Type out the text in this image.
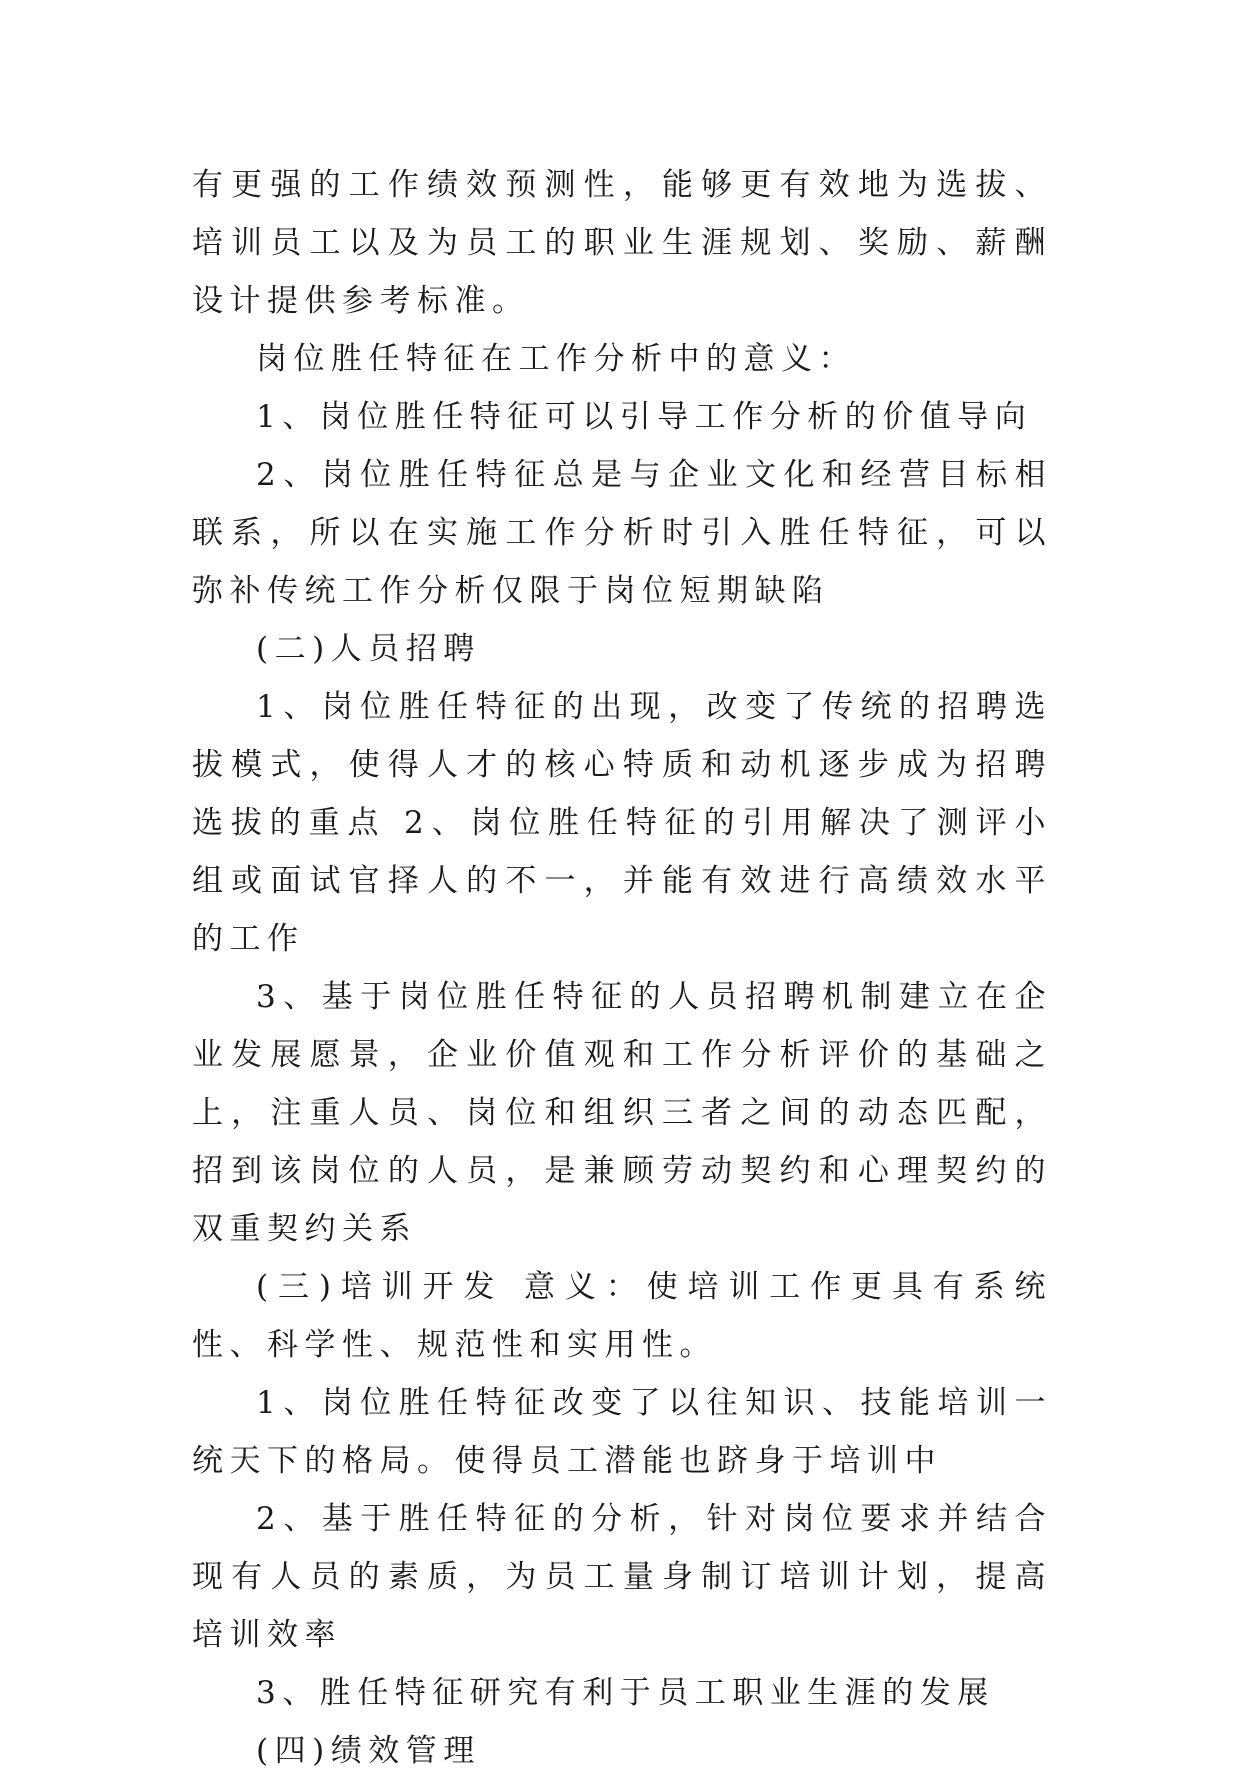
有更强的工作绩效预测性，能够更有效地为选拔、培训员工以及为员工的职业生涯规划、奖励、薪酬设计提供参考标准。

岗位胜任特征在工作分析中的意义：

1、岗位胜任特征可以引导工作分析的价值导向

2、岗位胜任特征总是与企业文化和经营目标相联系，所以在实施工作分析时引入胜任特征，可以弥补传统工作分析仅限于岗位短期缺陷

(二)人员招聘

1、岗位胜任特征的出现，改变了传统的招聘选拔模式，使得人才的核心特质和动机逐步成为招聘选拔的重点 2、岗位胜任特征的引用解决了测评小组或面试官择人的不一，并能有效进行高绩效水平的工作

3、基于岗位胜任特征的人员招聘机制建立在企业发展愿景，企业价值观和工作分析评价的基础之上，注重人员、岗位和组织三者之间的动态匹配，招到该岗位的人员，是兼顾劳动契约和心理契约的双重契约关系

(三)培训开发 意义：使培训工作更具有系统性、科学性、规范性和实用性。

1、岗位胜任特征改变了以往知识、技能培训一统天下的格局。使得员工潜能也跻身于培训中

2、基于胜任特征的分析，针对岗位要求并结合现有人员的素质，为员工量身制订培训计划，提高培训效率

3、胜任特征研究有利于员工职业生涯的发展

(四)绩效管理
